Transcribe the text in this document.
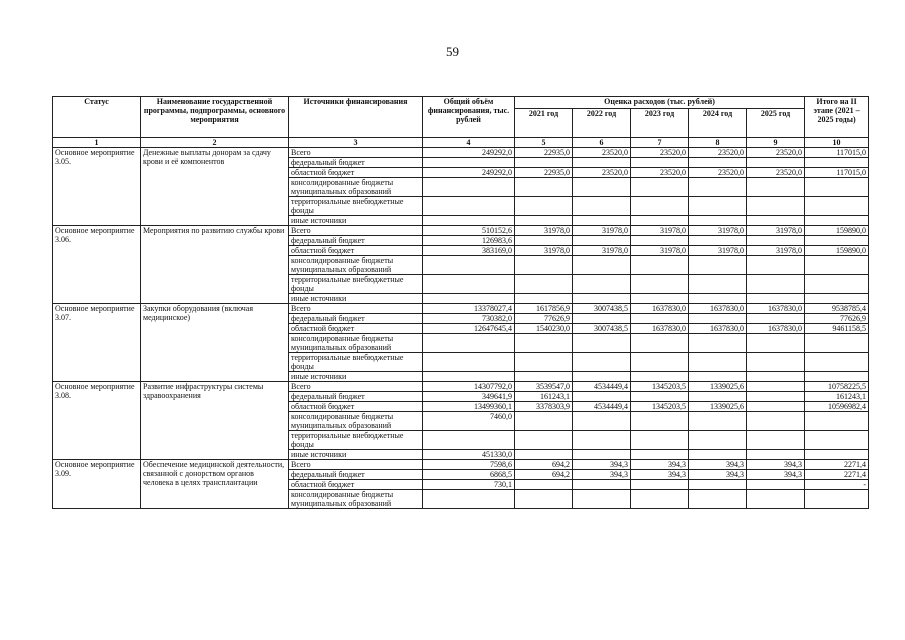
59
Статус	Наименование государственной программы, подпрограммы, основного мероприятия	Источники финансирования	Общий объём финансирования, тыс. рублей	Оценка расходов (тыс. рублей)					Итого на II этапе (2021 – 2025 годы)
				2021 год	2022 год	2023 год	2024 год	2025 год	
1	2	3	4	5	6	7	8	9	10
Основное мероприятие 3.05.	Денежные выплаты донорам за сдачу крови и её компонентов	Всего	249292,0	22935,0	23520,0	23520,0	23520,0	23520,0	117015,0
		федеральный бюджет							
		областной бюджет	249292,0	22935,0	23520,0	23520,0	23520,0	23520,0	117015,0
		консолидированные бюджеты муниципальных образований							
		территориальные внебюджетные фонды							
		иные источники							
Основное мероприятие 3.06.	Мероприятия по развитию службы крови	Всего	510152,6	31978,0	31978,0	31978,0	31978,0	31978,0	159890,0
		федеральный бюджет	126983,6						
		областной бюджет	383169,0	31978,0	31978,0	31978,0	31978,0	31978,0	159890,0
		консолидированные бюджеты муниципальных образований							
		территориальные внебюджетные фонды							
		иные источники							
Основное мероприятие 3.07.	Закупки оборудования (включая медицинское)	Всего	13378027,4	1617856,9	3007438,5	1637830,0	1637830,0	1637830,0	9538785,4
		федеральный бюджет	730382,0	77626,9					77626,9
		областной бюджет	12647645,4	1540230,0	3007438,5	1637830,0	1637830,0	1637830,0	9461158,5
		консолидированные бюджеты муниципальных образований							
		территориальные внебюджетные фонды							
		иные источники							
Основное мероприятие 3.08.	Развитие инфраструктуры системы здравоохранения	Всего	14307792,0	3539547,0	4534449,4	1345203,5	1339025,6		10758225,5
		федеральный бюджет	349641,9	161243,1					161243,1
		областной бюджет	13499360,1	3378303,9	4534449,4	1345203,5	1339025,6		10596982,4
		консолидированные бюджеты муниципальных образований	7460,0						
		территориальные внебюджетные фонды							
		иные источники	451330,0						
Основное мероприятие 3.09.	Обеспечение медицинской деятельности, связанной с донорством органов человека в целях трансплантации	Всего	7598,6	694,2	394,3	394,3	394,3	394,3	2271,4
		федеральный бюджет	6868,5	694,2	394,3	394,3	394,3	394,3	2271,4
		областной бюджет	730,1						-
		консолидированные бюджеты муниципальных образований							
